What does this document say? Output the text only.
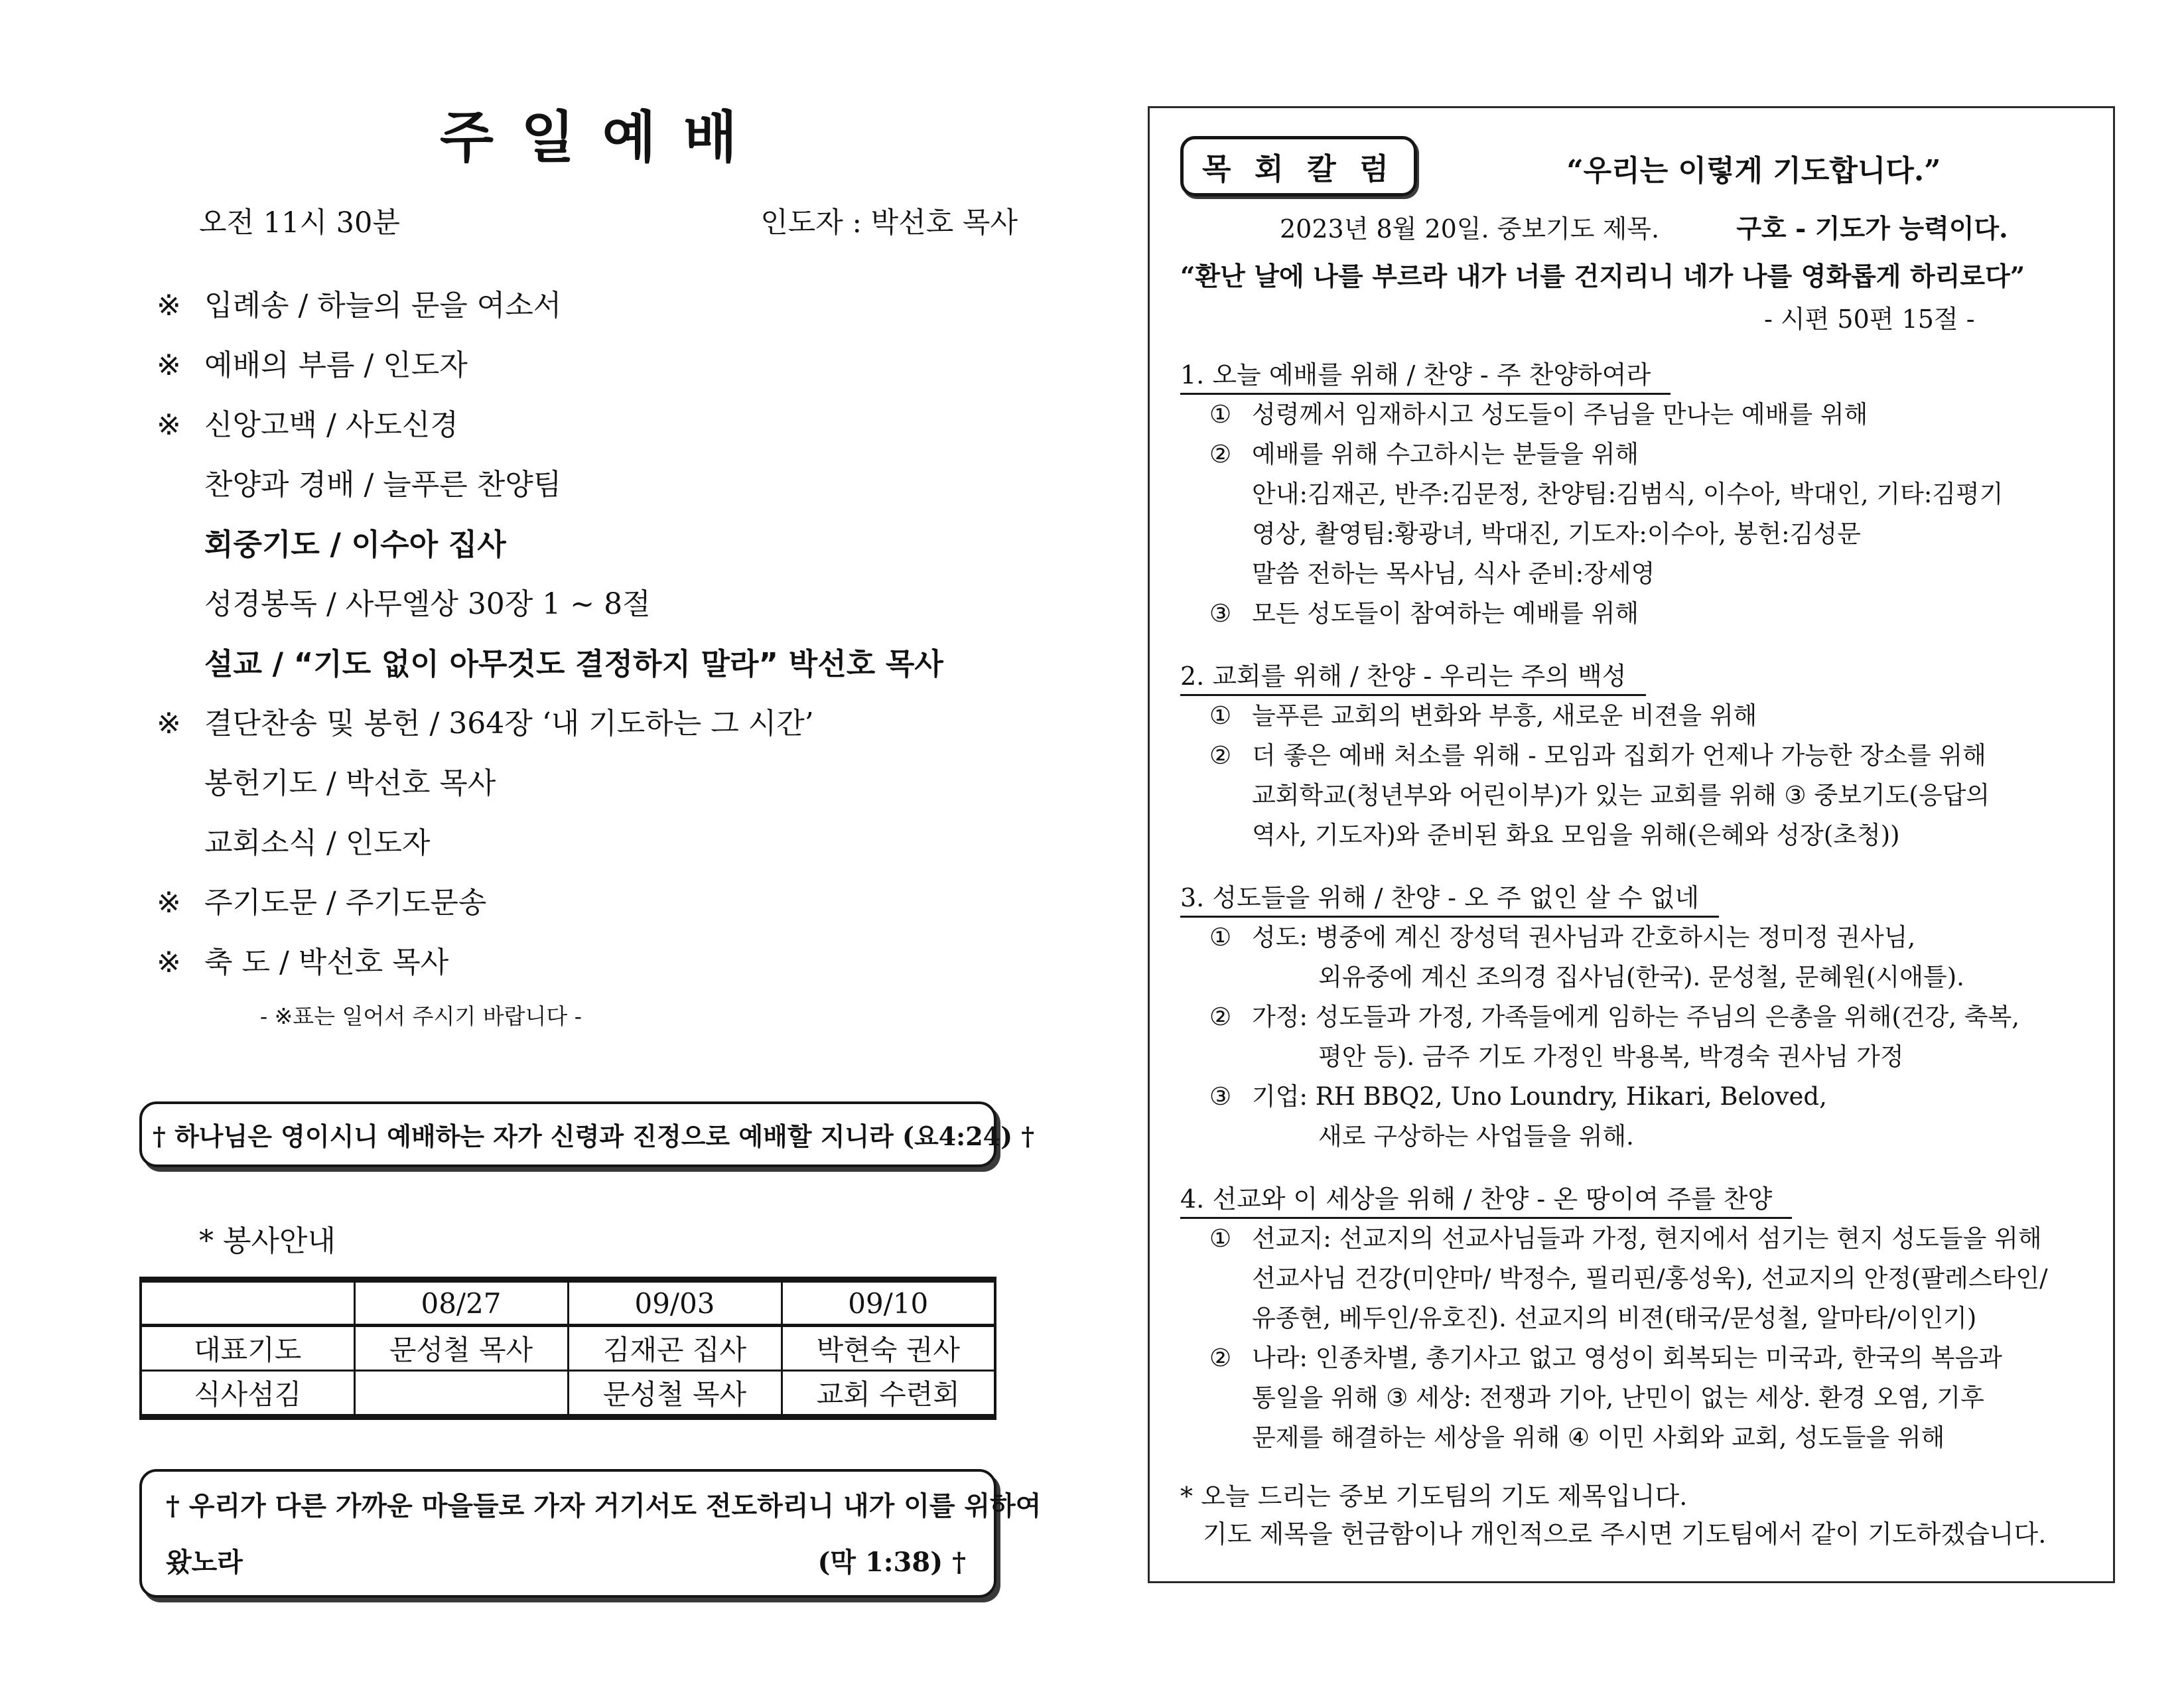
주 일 예 배
오전 11시 30분	인도자 : 박선호 목사
※ 입례송 / 하늘의 문을 여소서
※ 예배의 부름 / 인도자
※ 신앙고백 / 사도신경
찬양과 경배 / 늘푸른 찬양팀
회중기도 / 이수아 집사
성경봉독 / 사무엘상 30장 1 ~ 8절
설교 / “기도 없이 아무것도 결정하지 말라” 박선호 목사
※ 결단찬송 및 봉헌 / 364장 ‘내 기도하는 그 시간’
봉헌기도 / 박선호 목사
교회소식 / 인도자
※ 주기도문 / 주기도문송
※ 축 도 / 박선호 목사
- ※표는 일어서 주시기 바랍니다 -
† 하나님은 영이시니 예배하는 자가 신령과 진정으로 예배할 지니라 (요4:24) †
* 봉사안내
	08/27	09/03	09/10
대표기도	문성철 목사	김재곤 집사	박현숙 권사
식사섬김		문성철 목사	교회 수련회
† 우리가 다른 가까운 마을들로 가자 거기서도 전도하리니 내가 이를 위하여
왔노라	(막 1:38) †
목 회 칼 럼	“우리는 이렇게 기도합니다.”
2023년 8월 20일. 중보기도 제목.	구호 - 기도가 능력이다.
“환난 날에 나를 부르라 내가 너를 건지리니 네가 나를 영화롭게 하리로다”
- 시편 50편 15절 -
1. 오늘 예배를 위해 / 찬양 - 주 찬양하여라
① 성령께서 임재하시고 성도들이 주님을 만나는 예배를 위해
② 예배를 위해 수고하시는 분들을 위해
안내:김재곤, 반주:김문정, 찬양팀:김범식, 이수아, 박대인, 기타:김평기
영상, 촬영팀:황광녀, 박대진, 기도자:이수아, 봉헌:김성문
말씀 전하는 목사님, 식사 준비:장세영
③ 모든 성도들이 참여하는 예배를 위해
2. 교회를 위해 / 찬양 - 우리는 주의 백성
① 늘푸른 교회의 변화와 부흥, 새로운 비젼을 위해
② 더 좋은 예배 처소를 위해 - 모임과 집회가 언제나 가능한 장소를 위해
교회학교(청년부와 어린이부)가 있는 교회를 위해 ③ 중보기도(응답의
역사, 기도자)와 준비된 화요 모임을 위해(은혜와 성장(초청))
3. 성도들을 위해 / 찬양 - 오 주 없인 살 수 없네
① 성도: 병중에 계신 장성덕 권사님과 간호하시는 정미정 권사님,
외유중에 계신 조의경 집사님(한국). 문성철, 문혜원(시애틀).
② 가정: 성도들과 가정, 가족들에게 임하는 주님의 은총을 위해(건강, 축복,
평안 등). 금주 기도 가정인 박용복, 박경숙 권사님 가정
③ 기업: RH BBQ2, Uno Loundry, Hikari, Beloved,
새로 구상하는 사업들을 위해.
4. 선교와 이 세상을 위해 / 찬양 - 온 땅이여 주를 찬양
① 선교지: 선교지의 선교사님들과 가정, 현지에서 섬기는 현지 성도들을 위해
선교사님 건강(미얀마/ 박정수, 필리핀/홍성욱), 선교지의 안정(팔레스타인/
유종현, 베두인/유호진). 선교지의 비젼(태국/문성철, 알마타/이인기)
② 나라: 인종차별, 총기사고 없고 영성이 회복되는 미국과, 한국의 복음과
통일을 위해 ③ 세상: 전쟁과 기아, 난민이 없는 세상. 환경 오염, 기후
문제를 해결하는 세상을 위해 ④ 이민 사회와 교회, 성도들을 위해
* 오늘 드리는 중보 기도팀의 기도 제목입니다.
기도 제목을 헌금함이나 개인적으로 주시면 기도팀에서 같이 기도하겠습니다.
